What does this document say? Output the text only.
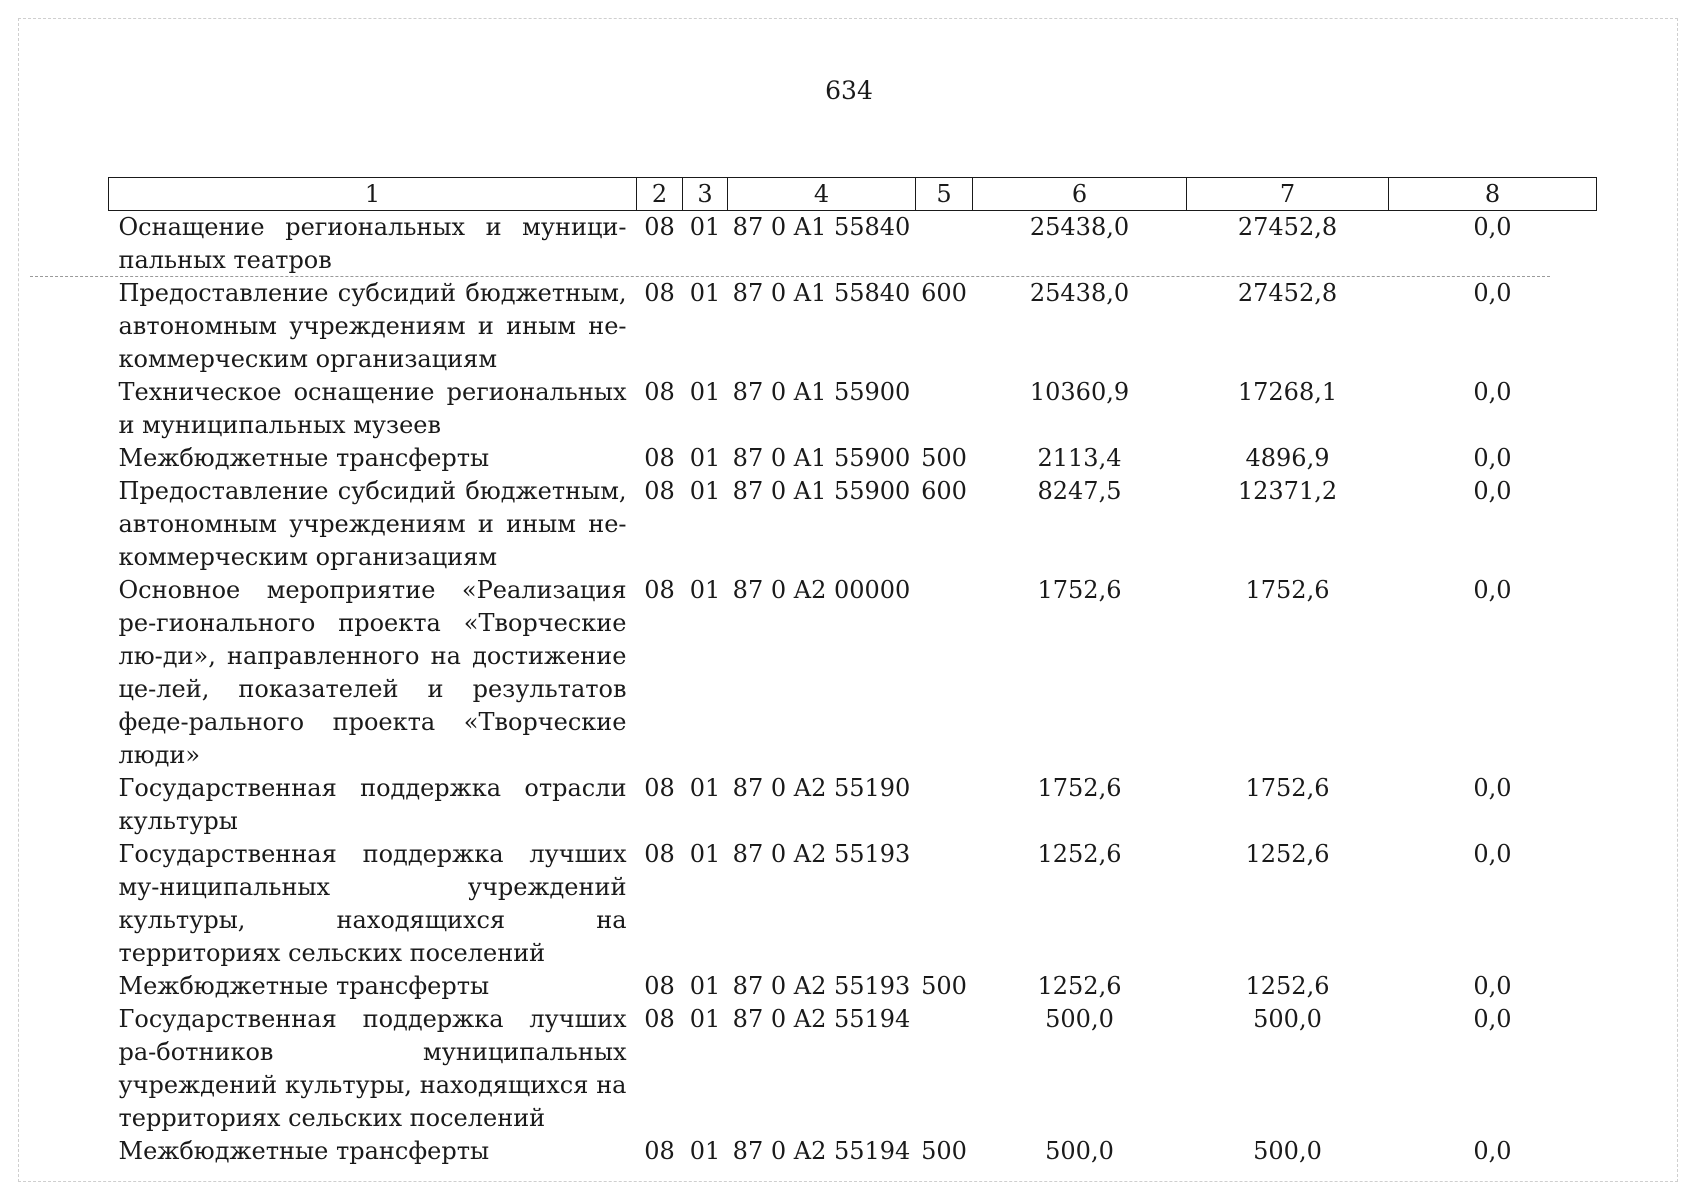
634
1	2	3	4	5	6	7	8
Оснащение региональных и муници-пальных театров	08	01	87 0 A1 55840		25438,0	27452,8	0,0
Предоставление субсидий бюджетным, автономным учреждениям и иным не-коммерческим организациям	08	01	87 0 A1 55840	600	25438,0	27452,8	0,0
Техническое оснащение региональных и муниципальных музеев	08	01	87 0 A1 55900		10360,9	17268,1	0,0
Межбюджетные трансферты	08	01	87 0 A1 55900	500	2113,4	4896,9	0,0
Предоставление субсидий бюджетным, автономным учреждениям и иным не-коммерческим организациям	08	01	87 0 A1 55900	600	8247,5	12371,2	0,0
Основное мероприятие «Реализация ре-гионального проекта «Творческие лю-ди», направленного на достижение це-лей, показателей и результатов феде-рального проекта «Творческие люди»	08	01	87 0 A2 00000		1752,6	1752,6	0,0
Государственная поддержка отрасли культуры	08	01	87 0 A2 55190		1752,6	1752,6	0,0
Государственная поддержка лучших му-ниципальных учреждений культуры, находящихся на территориях сельских поселений	08	01	87 0 A2 55193		1252,6	1252,6	0,0
Межбюджетные трансферты	08	01	87 0 A2 55193	500	1252,6	1252,6	0,0
Государственная поддержка лучших ра-ботников муниципальных учреждений культуры, находящихся на территориях сельских поселений	08	01	87 0 A2 55194		500,0	500,0	0,0
Межбюджетные трансферты	08	01	87 0 A2 55194	500	500,0	500,0	0,0
